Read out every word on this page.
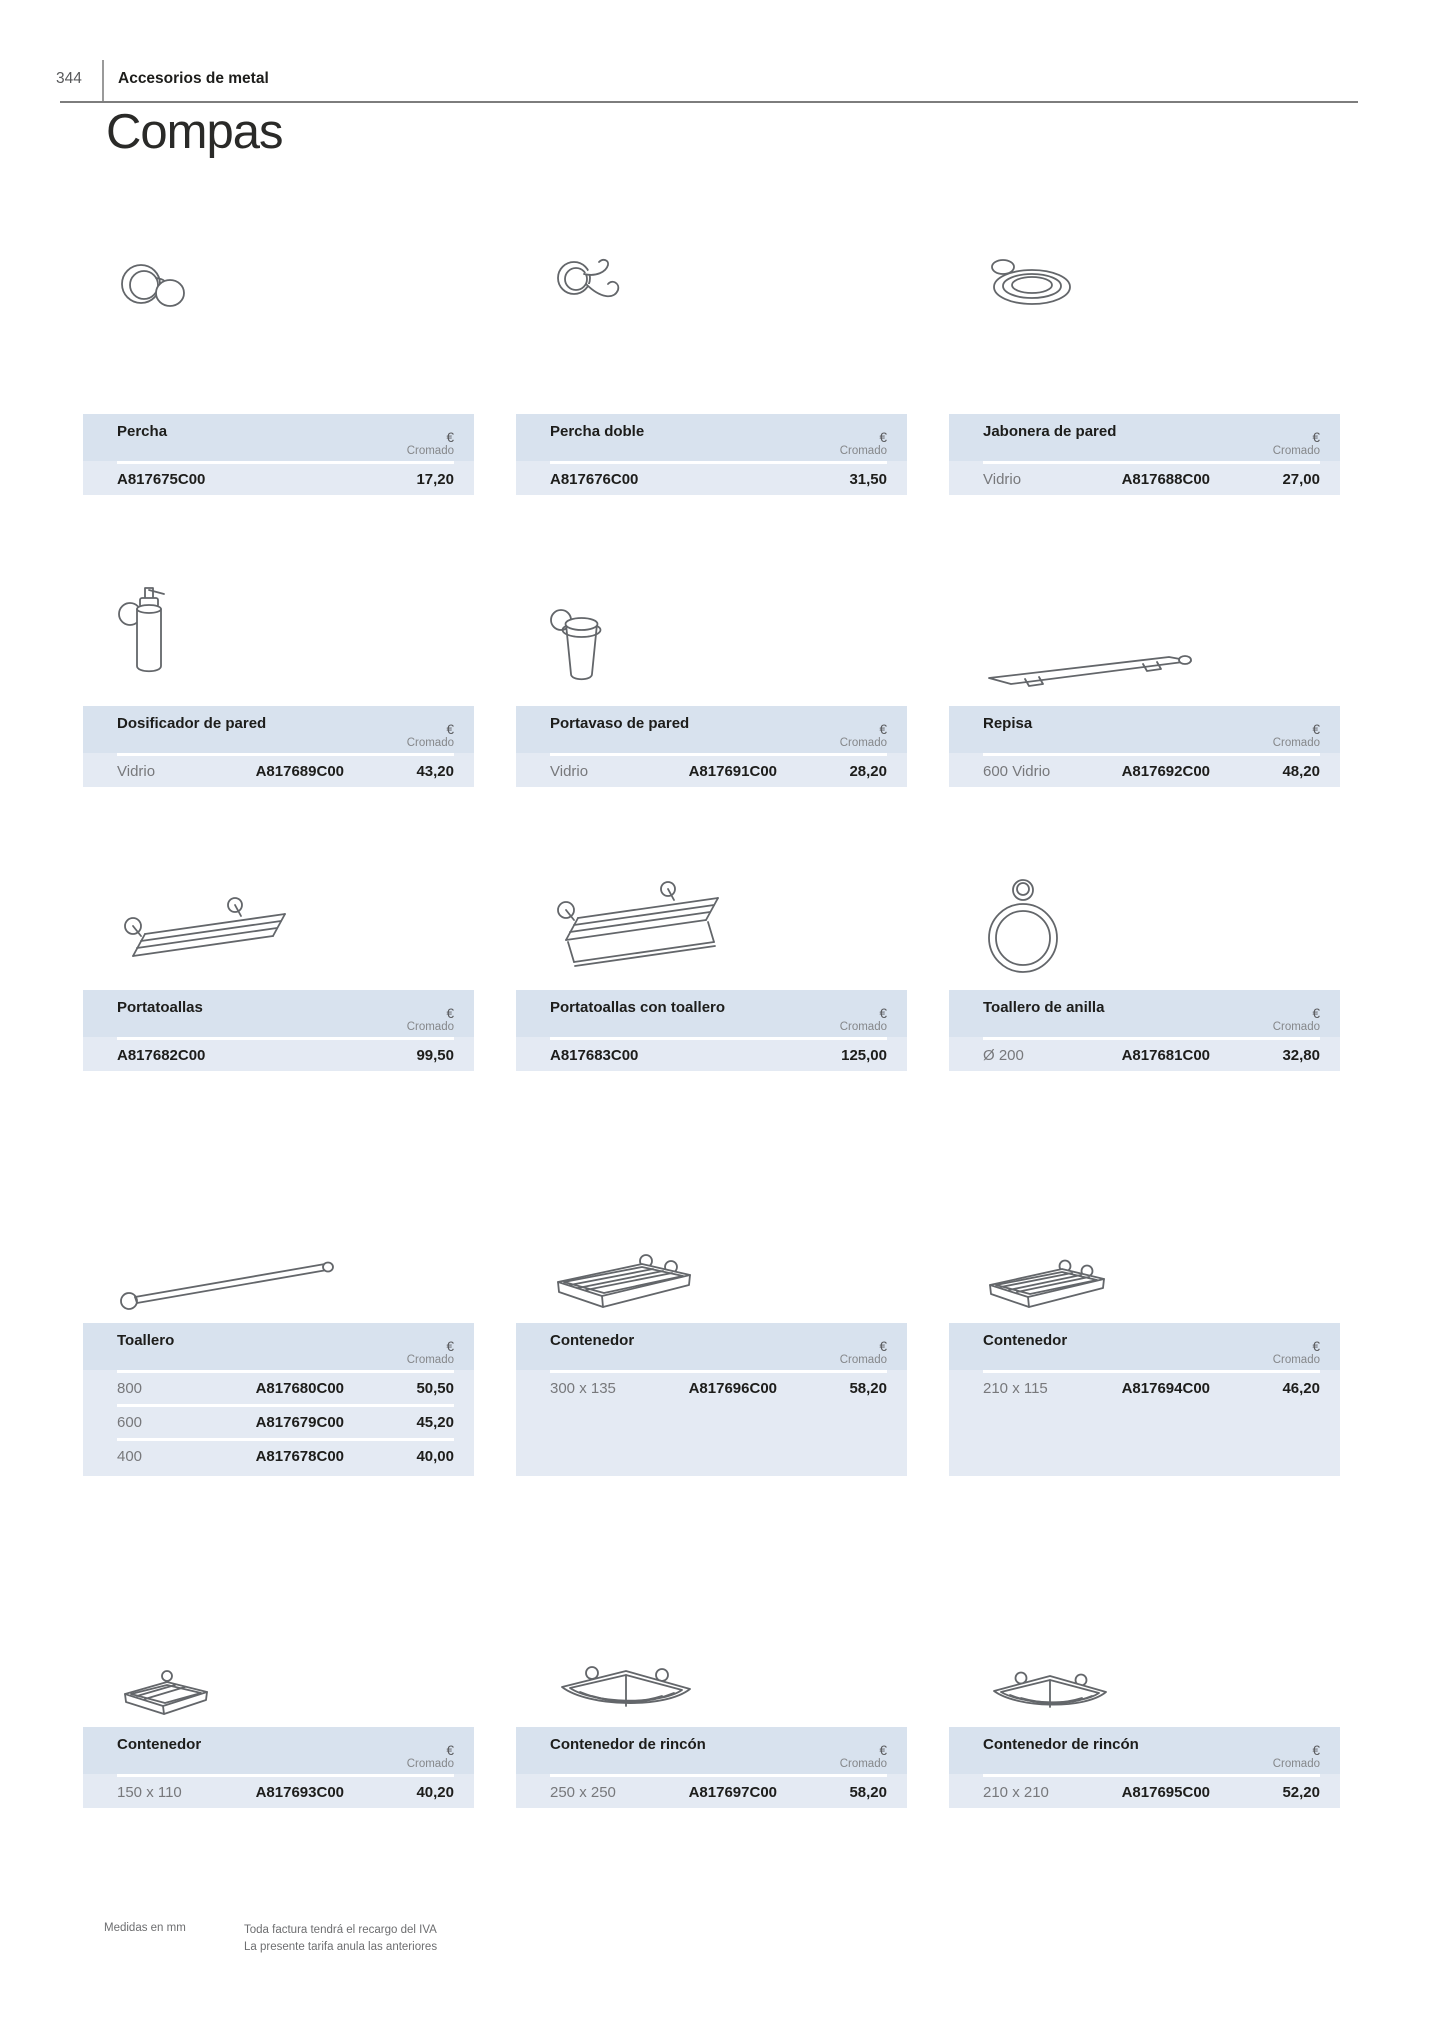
344 Accesorios de metal
Compas
Percha	€
Cromado
A817675C00	17,20
Percha doble	€
Cromado
A817676C00	31,50
Jabonera de pared	€
Cromado
Vidrio	A817688C00	27,00
Dosificador de pared	€
Cromado
Vidrio	A817689C00	43,20
Portavaso de pared	€
Cromado
Vidrio	A817691C00	28,20
Repisa	€
Cromado
600 Vidrio	A817692C00	48,20
Portatoallas	€
Cromado
A817682C00	99,50
Portatoallas con toallero	€
Cromado
A817683C00	125,00
Toallero de anilla	€
Cromado
Ø 200	A817681C00	32,80
Toallero	€
Cromado
800	A817680C00	50,50
600	A817679C00	45,20
400	A817678C00	40,00
Contenedor	€
Cromado
300 x 135	A817696C00	58,20
Contenedor	€
Cromado
210 x 115	A817694C00	46,20
Contenedor	€
Cromado
150 x 110	A817693C00	40,20
Contenedor de rincón	€
Cromado
250 x 250	A817697C00	58,20
Contenedor de rincón	€
Cromado
210 x 210	A817695C00	52,20
Medidas en mm	Toda factura tendrá el recargo del IVA
La presente tarifa anula las anteriores
